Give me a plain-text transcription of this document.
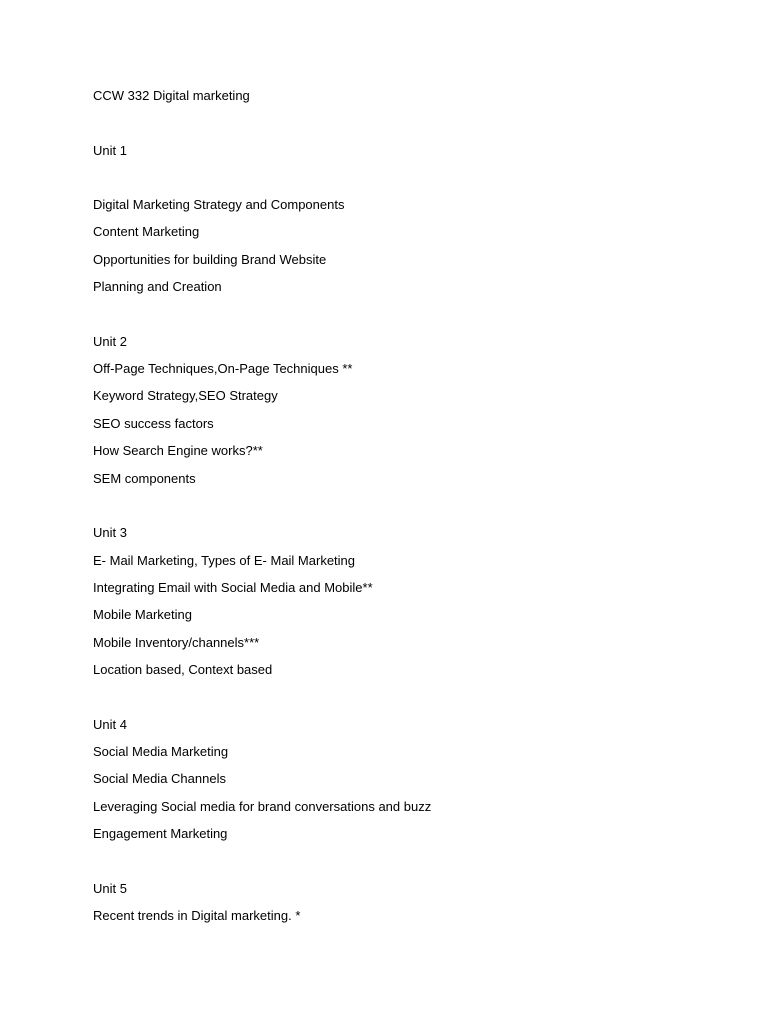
CCW 332 Digital marketing
Unit 1
Digital Marketing Strategy and Components
Content Marketing
Opportunities for building Brand Website
Planning and Creation
Unit 2
Off-Page Techniques,On-Page Techniques **
Keyword Strategy,SEO Strategy
SEO success factors
How Search Engine works?**
SEM components
Unit 3
E- Mail Marketing, Types of E- Mail Marketing
Integrating Email with Social Media and Mobile**
Mobile Marketing
Mobile Inventory/channels***
Location based, Context based
Unit 4
Social Media Marketing
Social Media Channels
Leveraging Social media for brand conversations and buzz
Engagement Marketing
Unit 5
Recent trends in Digital marketing. *
